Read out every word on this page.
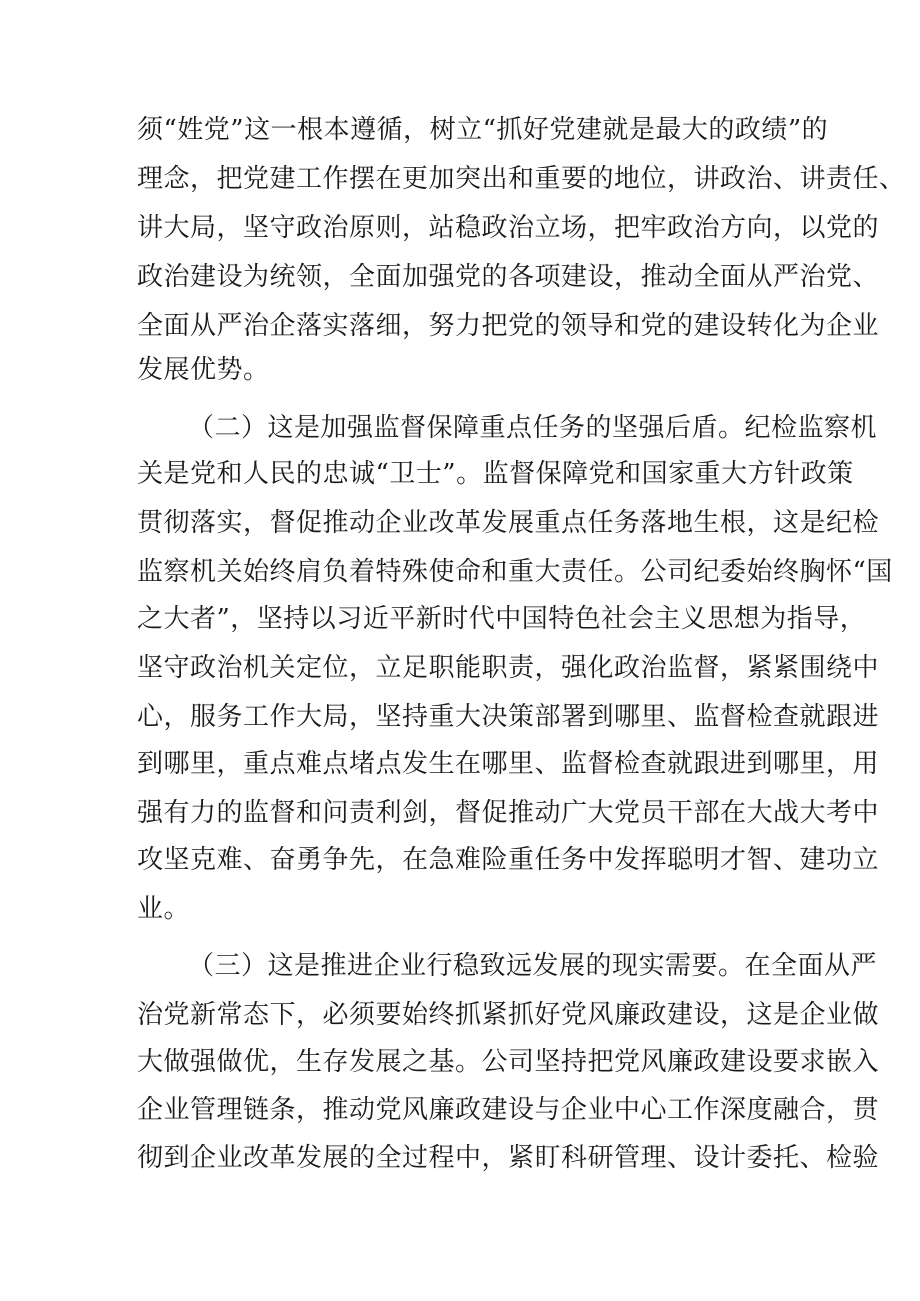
须“姓党”这一根本遵循，树立“抓好党建就是最大的政绩”的
理念，把党建工作摆在更加突出和重要的地位，讲政治、讲责任、
讲大局，坚守政治原则，站稳政治立场，把牢政治方向，以党的
政治建设为统领，全面加强党的各项建设，推动全面从严治党、
全面从严治企落实落细，努力把党的领导和党的建设转化为企业
发展优势。
（二）这是加强监督保障重点任务的坚强后盾。纪检监察机
关是党和人民的忠诚“卫士”。监督保障党和国家重大方针政策
贯彻落实，督促推动企业改革发展重点任务落地生根，这是纪检
监察机关始终肩负着特殊使命和重大责任。公司纪委始终胸怀“国
之大者”，坚持以习近平新时代中国特色社会主义思想为指导，
坚守政治机关定位，立足职能职责，强化政治监督，紧紧围绕中
心，服务工作大局，坚持重大决策部署到哪里、监督检查就跟进
到哪里，重点难点堵点发生在哪里、监督检查就跟进到哪里，用
强有力的监督和问责利剑，督促推动广大党员干部在大战大考中
攻坚克难、奋勇争先，在急难险重任务中发挥聪明才智、建功立
业。
（三）这是推进企业行稳致远发展的现实需要。在全面从严
治党新常态下，必须要始终抓紧抓好党风廉政建设，这是企业做
大做强做优，生存发展之基。公司坚持把党风廉政建设要求嵌入
企业管理链条，推动党风廉政建设与企业中心工作深度融合，贯
彻到企业改革发展的全过程中，紧盯科研管理、设计委托、检验
